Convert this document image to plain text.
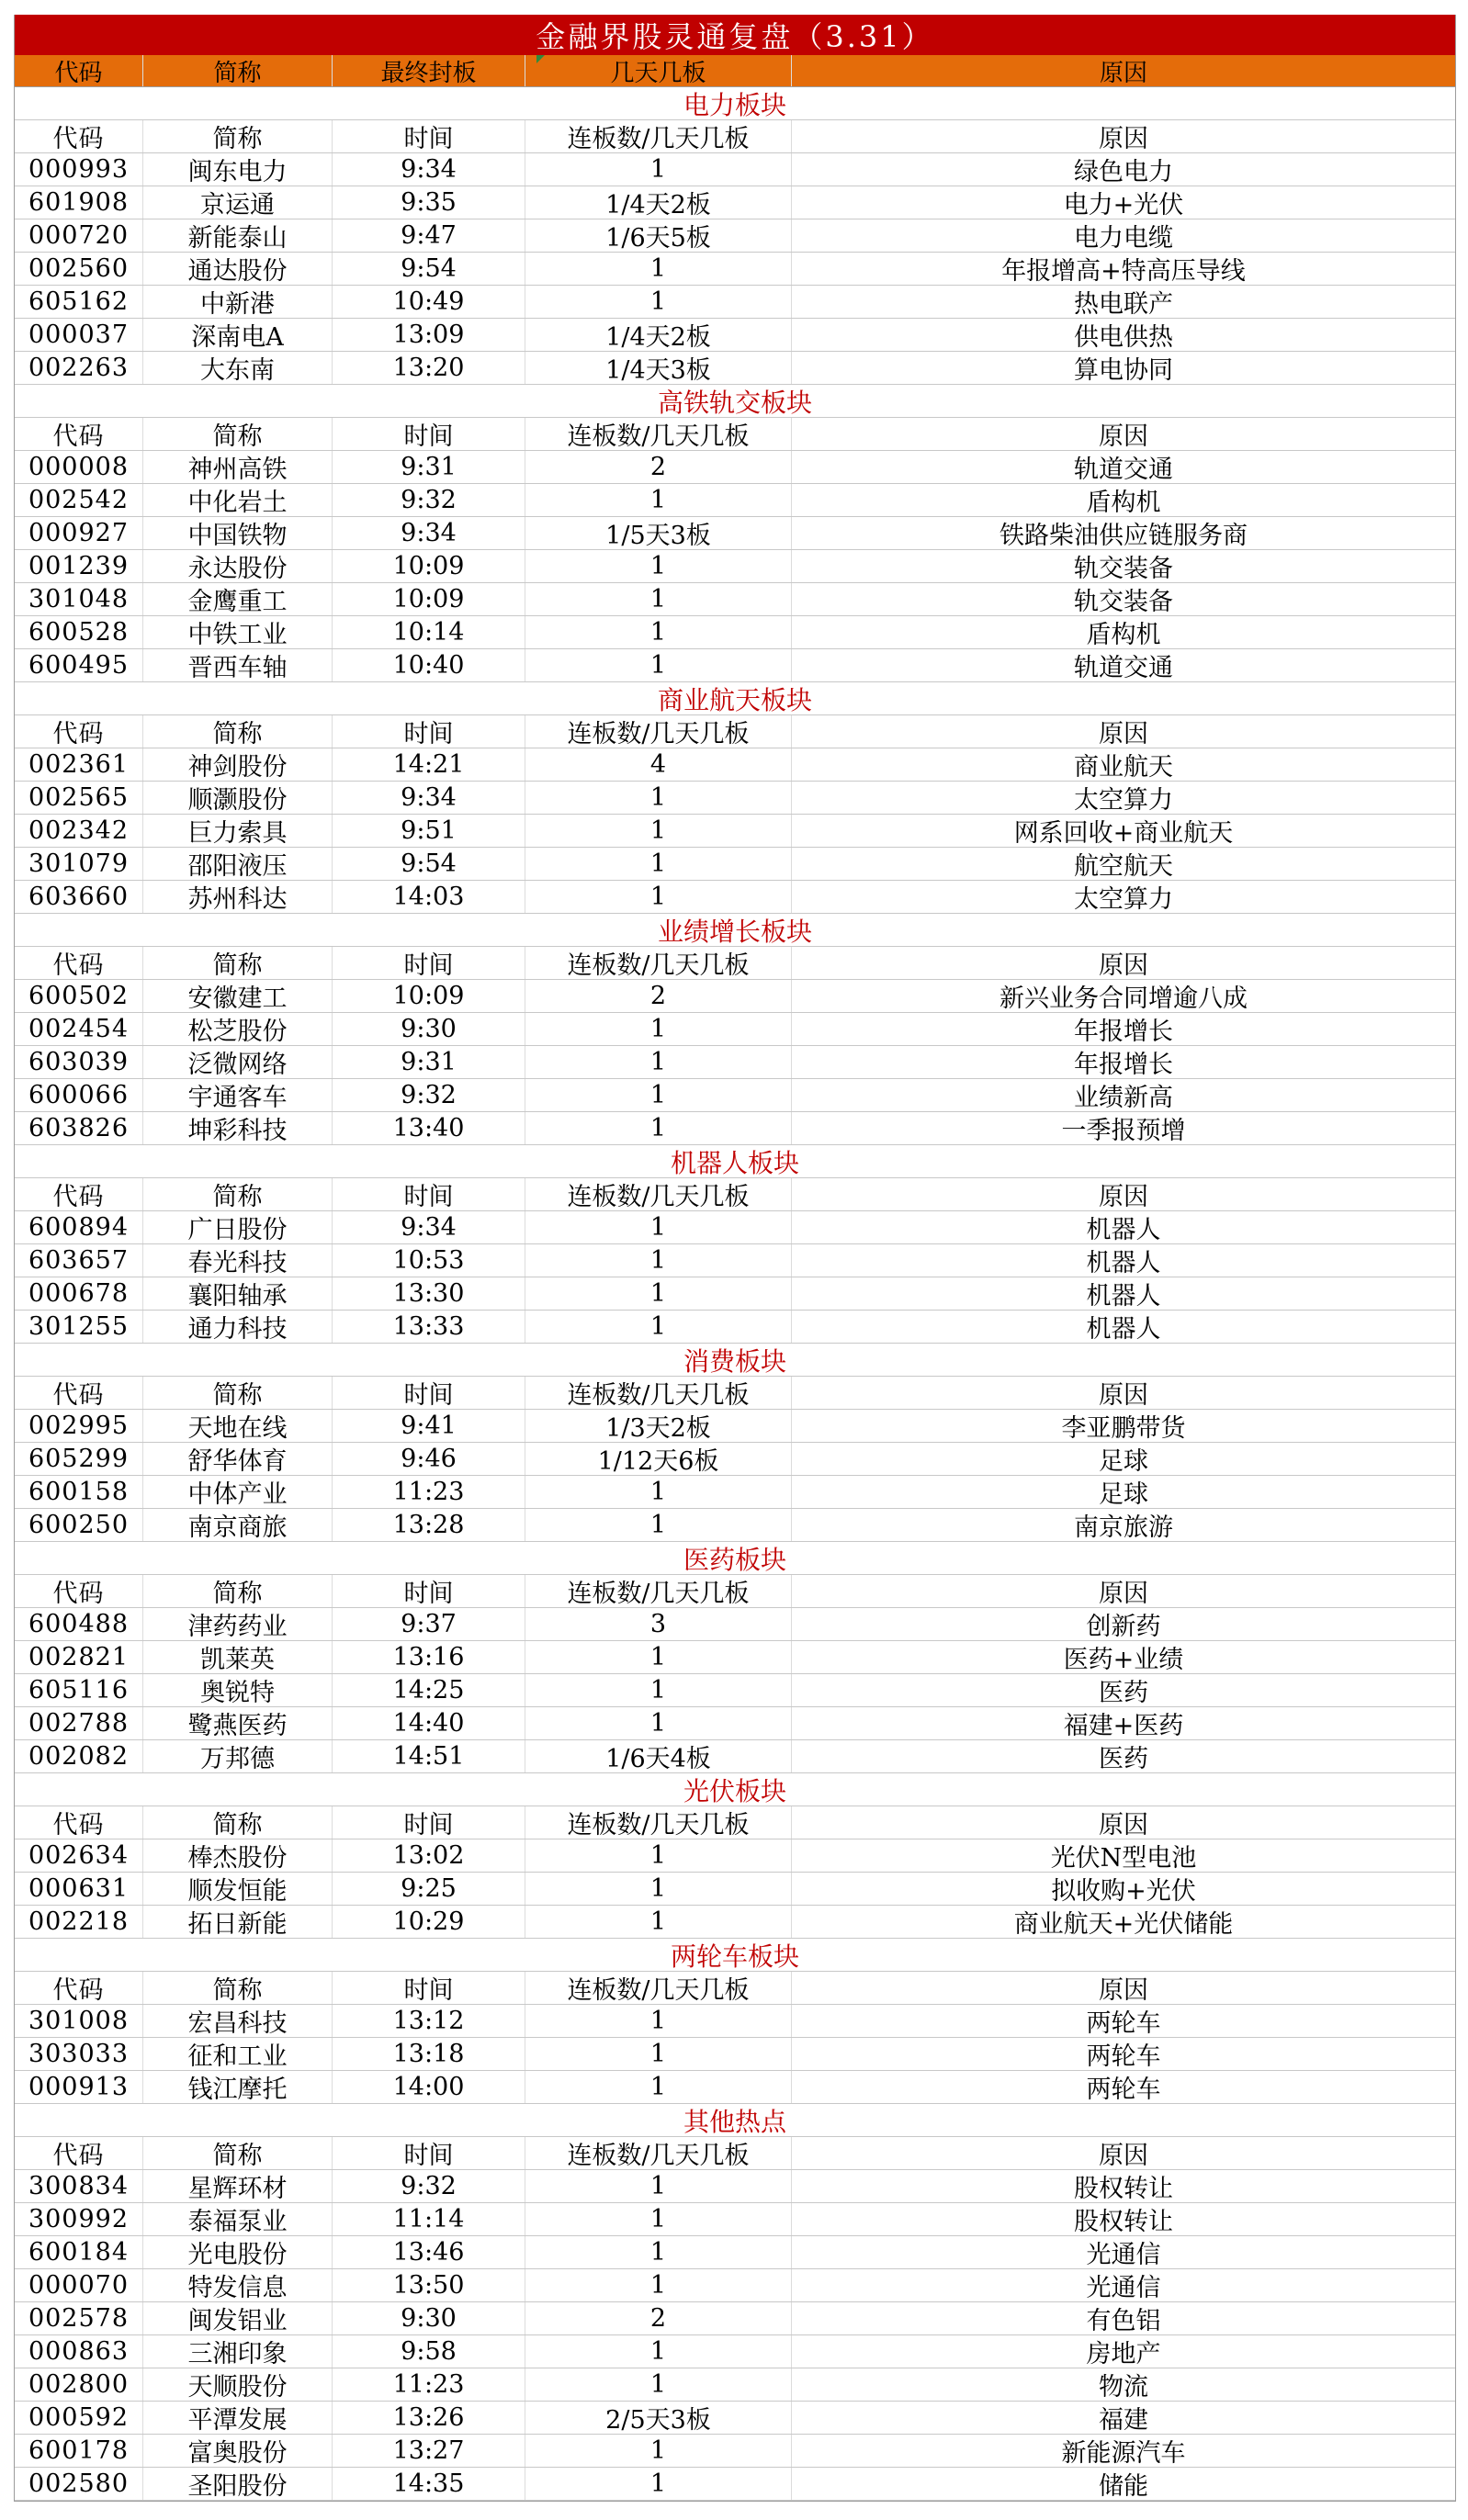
金融界股灵通复盘（3.31）
代码	简称	最终封板	几天几板	原因
电力板块
代码	简称	时间	连板数/几天几板	原因
000993	闽东电力	9:34	1	绿色电力
601908	京运通	9:35	1/4天2板	电力+光伏
000720	新能泰山	9:47	1/6天5板	电力电缆
002560	通达股份	9:54	1	年报增高+特高压导线
605162	中新港	10:49	1	热电联产
000037	深南电A	13:09	1/4天2板	供电供热
002263	大东南	13:20	1/4天3板	算电协同
高铁轨交板块
代码	简称	时间	连板数/几天几板	原因
000008	神州高铁	9:31	2	轨道交通
002542	中化岩土	9:32	1	盾构机
000927	中国铁物	9:34	1/5天3板	铁路柴油供应链服务商
001239	永达股份	10:09	1	轨交装备
301048	金鹰重工	10:09	1	轨交装备
600528	中铁工业	10:14	1	盾构机
600495	晋西车轴	10:40	1	轨道交通
商业航天板块
代码	简称	时间	连板数/几天几板	原因
002361	神剑股份	14:21	4	商业航天
002565	顺灏股份	9:34	1	太空算力
002342	巨力索具	9:51	1	网系回收+商业航天
301079	邵阳液压	9:54	1	航空航天
603660	苏州科达	14:03	1	太空算力
业绩增长板块
代码	简称	时间	连板数/几天几板	原因
600502	安徽建工	10:09	2	新兴业务合同增逾八成
002454	松芝股份	9:30	1	年报增长
603039	泛微网络	9:31	1	年报增长
600066	宇通客车	9:32	1	业绩新高
603826	坤彩科技	13:40	1	一季报预增
机器人板块
代码	简称	时间	连板数/几天几板	原因
600894	广日股份	9:34	1	机器人
603657	春光科技	10:53	1	机器人
000678	襄阳轴承	13:30	1	机器人
301255	通力科技	13:33	1	机器人
消费板块
代码	简称	时间	连板数/几天几板	原因
002995	天地在线	9:41	1/3天2板	李亚鹏带货
605299	舒华体育	9:46	1/12天6板	足球
600158	中体产业	11:23	1	足球
600250	南京商旅	13:28	1	南京旅游
医药板块
代码	简称	时间	连板数/几天几板	原因
600488	津药药业	9:37	3	创新药
002821	凯莱英	13:16	1	医药+业绩
605116	奥锐特	14:25	1	医药
002788	鹭燕医药	14:40	1	福建+医药
002082	万邦德	14:51	1/6天4板	医药
光伏板块
代码	简称	时间	连板数/几天几板	原因
002634	棒杰股份	13:02	1	光伏N型电池
000631	顺发恒能	9:25	1	拟收购+光伏
002218	拓日新能	10:29	1	商业航天+光伏储能
两轮车板块
代码	简称	时间	连板数/几天几板	原因
301008	宏昌科技	13:12	1	两轮车
303033	征和工业	13:18	1	两轮车
000913	钱江摩托	14:00	1	两轮车
其他热点
代码	简称	时间	连板数/几天几板	原因
300834	星辉环材	9:32	1	股权转让
300992	泰福泵业	11:14	1	股权转让
600184	光电股份	13:46	1	光通信
000070	特发信息	13:50	1	光通信
002578	闽发铝业	9:30	2	有色铝
000863	三湘印象	9:58	1	房地产
002800	天顺股份	11:23	1	物流
000592	平潭发展	13:26	2/5天3板	福建
600178	富奥股份	13:27	1	新能源汽车
002580	圣阳股份	14:35	1	储能
